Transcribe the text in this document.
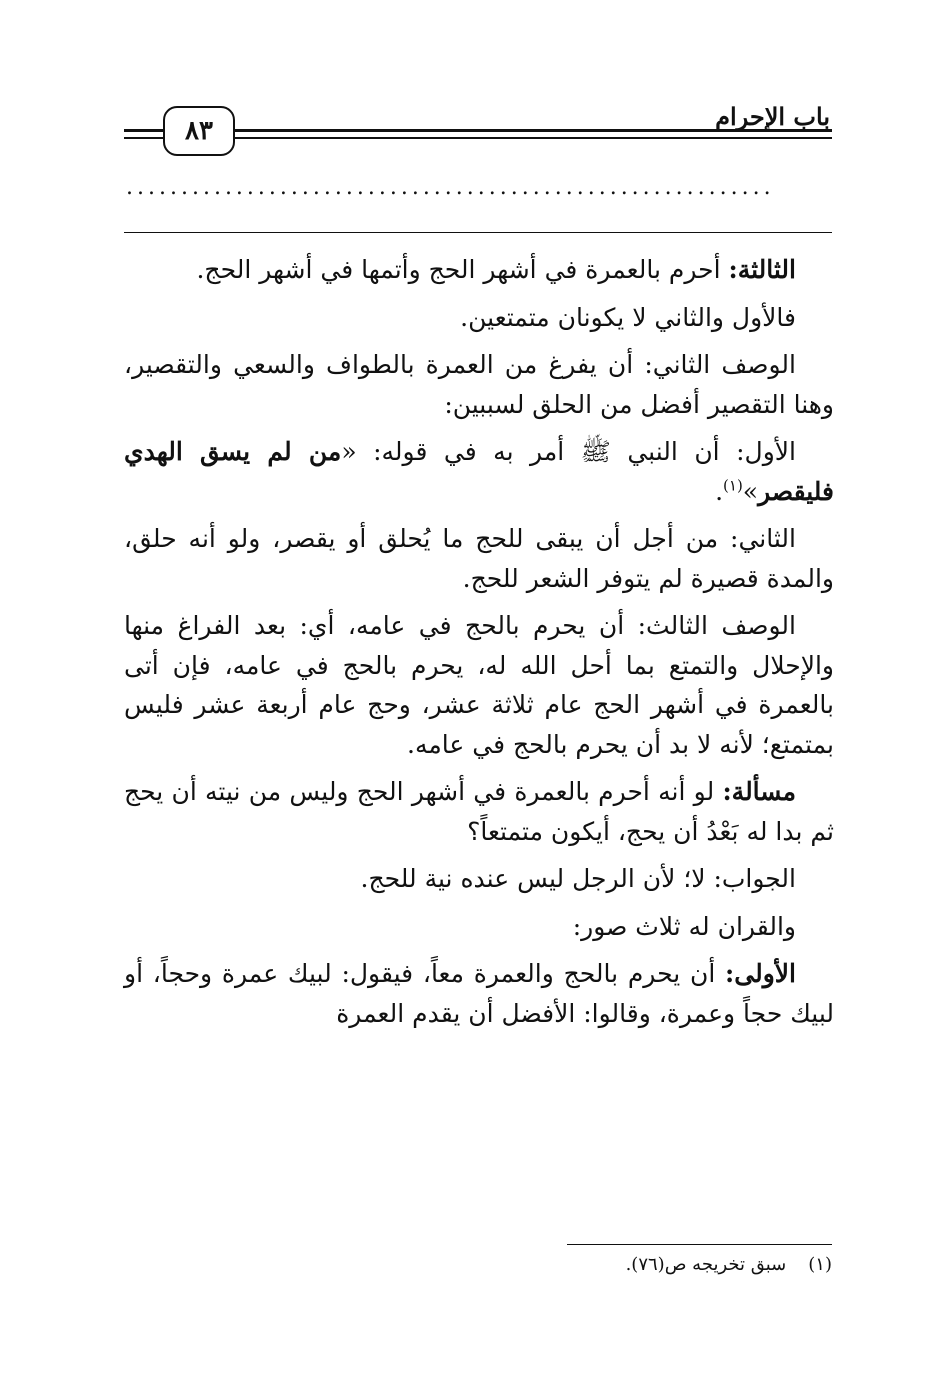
باب الإحرام
٨٣
...........................................................

الثالثة: أحرم بالعمرة في أشهر الحج وأتمها في أشهر الحج.

فالأول والثاني لا يكونان متمتعين.

الوصف الثاني: أن يفرغ من العمرة بالطواف والسعي والتقصير، وهنا التقصير أفضل من الحلق لسببين:

الأول: أن النبي ﷺ أمر به في قوله: «من لم يسق الهدي فليقصر»$^{(١)}$.

الثاني: من أجل أن يبقى للحج ما يُحلق أو يقصر، ولو أنه حلق، والمدة قصيرة لم يتوفر الشعر للحج.

الوصف الثالث: أن يحرم بالحج في عامه، أي: بعد الفراغ منها والإحلال والتمتع بما أحل الله له، يحرم بالحج في عامه، فإن أتى بالعمرة في أشهر الحج عام ثلاثة عشر، وحج عام أربعة عشر فليس بمتمتع؛ لأنه لا بد أن يحرم بالحج في عامه.

مسألة: لو أنه أحرم بالعمرة في أشهر الحج وليس من نيته أن يحج ثم بدا له بَعْدُ أن يحج، أيكون متمتعاً؟

الجواب: لا؛ لأن الرجل ليس عنده نية للحج.

والقران له ثلاث صور:

الأولى: أن يحرم بالحج والعمرة معاً، فيقول: لبيك عمرة وحجاً، أو لبيك حجاً وعمرة، وقالوا: الأفضل أن يقدم العمرة

(١)سبق تخريجه ص(٧٦).
